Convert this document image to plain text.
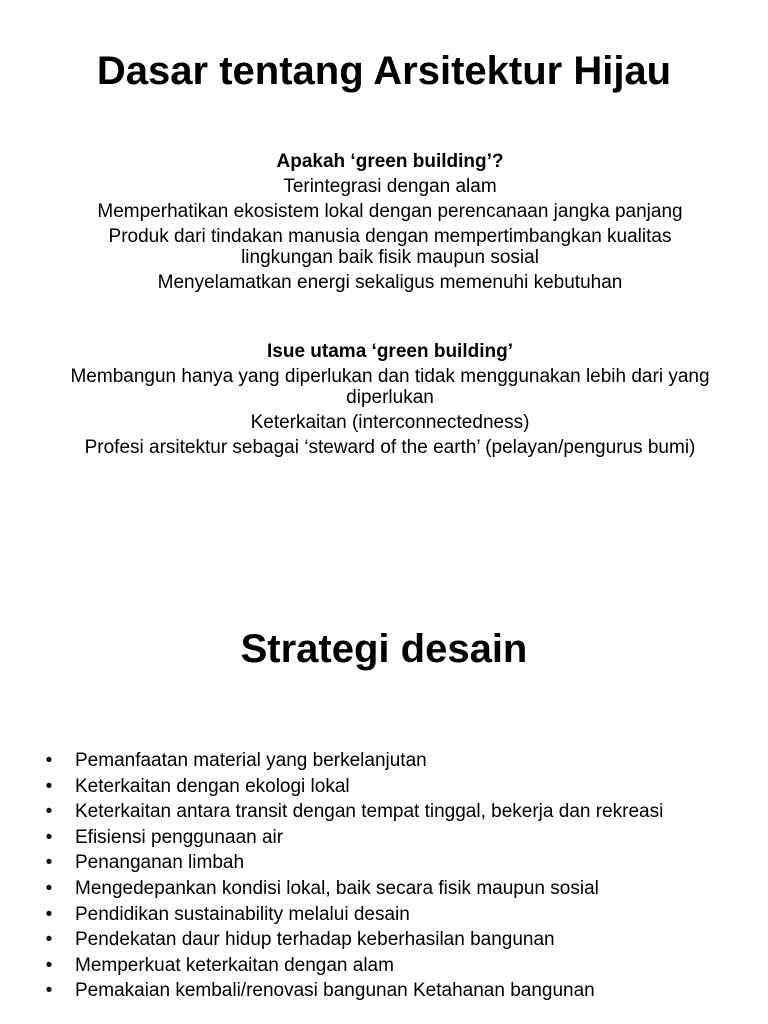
Dasar tentang Arsitektur Hijau
Apakah ‘green building’?
Terintegrasi dengan alam
Memperhatikan ekosistem lokal dengan perencanaan jangka panjang
Produk dari tindakan manusia dengan mempertimbangkan kualitas lingkungan baik fisik maupun sosial
Menyelamatkan energi sekaligus memenuhi kebutuhan
Isue utama ‘green building’
Membangun hanya yang diperlukan dan tidak menggunakan lebih dari yang diperlukan
Keterkaitan (interconnectedness)
Profesi arsitektur sebagai ‘steward of the earth’ (pelayan/pengurus bumi)
Strategi desain
• Pemanfaatan material yang berkelanjutan
• Keterkaitan dengan ekologi lokal
• Keterkaitan antara transit dengan tempat tinggal, bekerja dan rekreasi
• Efisiensi penggunaan air
• Penanganan limbah
• Mengedepankan kondisi lokal, baik secara fisik maupun sosial
• Pendidikan sustainability melalui desain
• Pendekatan daur hidup terhadap keberhasilan bangunan
• Memperkuat keterkaitan dengan alam
• Pemakaian kembali/renovasi bangunan Ketahanan bangunan
